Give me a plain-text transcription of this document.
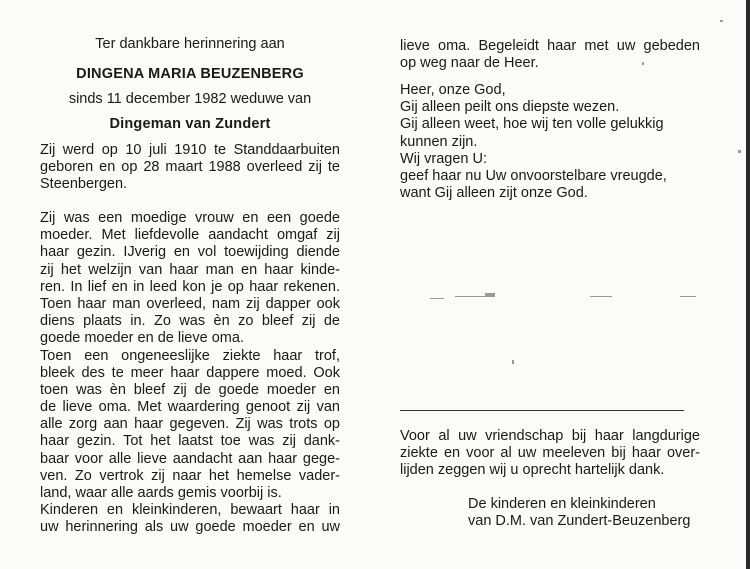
Ter dankbare herinnering aan

DINGENA MARIA BEUZENBERG

sinds 11 december 1982 weduwe van

Dingeman van Zundert

Zij werd op 10 juli 1910 te Standdaarbuiten
geboren en op 28 maart 1988 overleed zij te
Steenbergen.
Zij was een moedige vrouw en een goede
moeder. Met liefdevolle aandacht omgaf zij
haar gezin. IJverig en vol toewijding diende
zij het welzijn van haar man en haar kinde-
ren. In lief en in leed kon je op haar rekenen.
Toen haar man overleed, nam zij dapper ook
diens plaats in. Zo was èn zo bleef zij de
goede moeder en de lieve oma.
Toen een ongeneeslijke ziekte haar trof,
bleek des te meer haar dappere moed. Ook
toen was èn bleef zij de goede moeder en
de lieve oma. Met waardering genoot zij van
alle zorg aan haar gegeven. Zij was trots op
haar gezin. Tot het laatst toe was zij dank-
baar voor alle lieve aandacht aan haar gege-
ven. Zo vertrok zij naar het hemelse vader-
land, waar alle aards gemis voorbij is.
Kinderen en kleinkinderen, bewaart haar in
uw herinnering als uw goede moeder en uw
lieve oma. Begeleidt haar met uw gebeden
op weg naar de Heer.
Heer, onze God,
Gij alleen peilt ons diepste wezen.
Gij alleen weet, hoe wij ten volle gelukkig
kunnen zijn.
Wij vragen U:
geef haar nu Uw onvoorstelbare vreugde,
want Gij alleen zijt onze God.
Voor al uw vriendschap bij haar langdurige
ziekte en voor al uw meeleven bij haar over-
lijden zeggen wij u oprecht hartelijk dank.
De kinderen en kleinkinderen
van D.M. van Zundert-Beuzenberg
